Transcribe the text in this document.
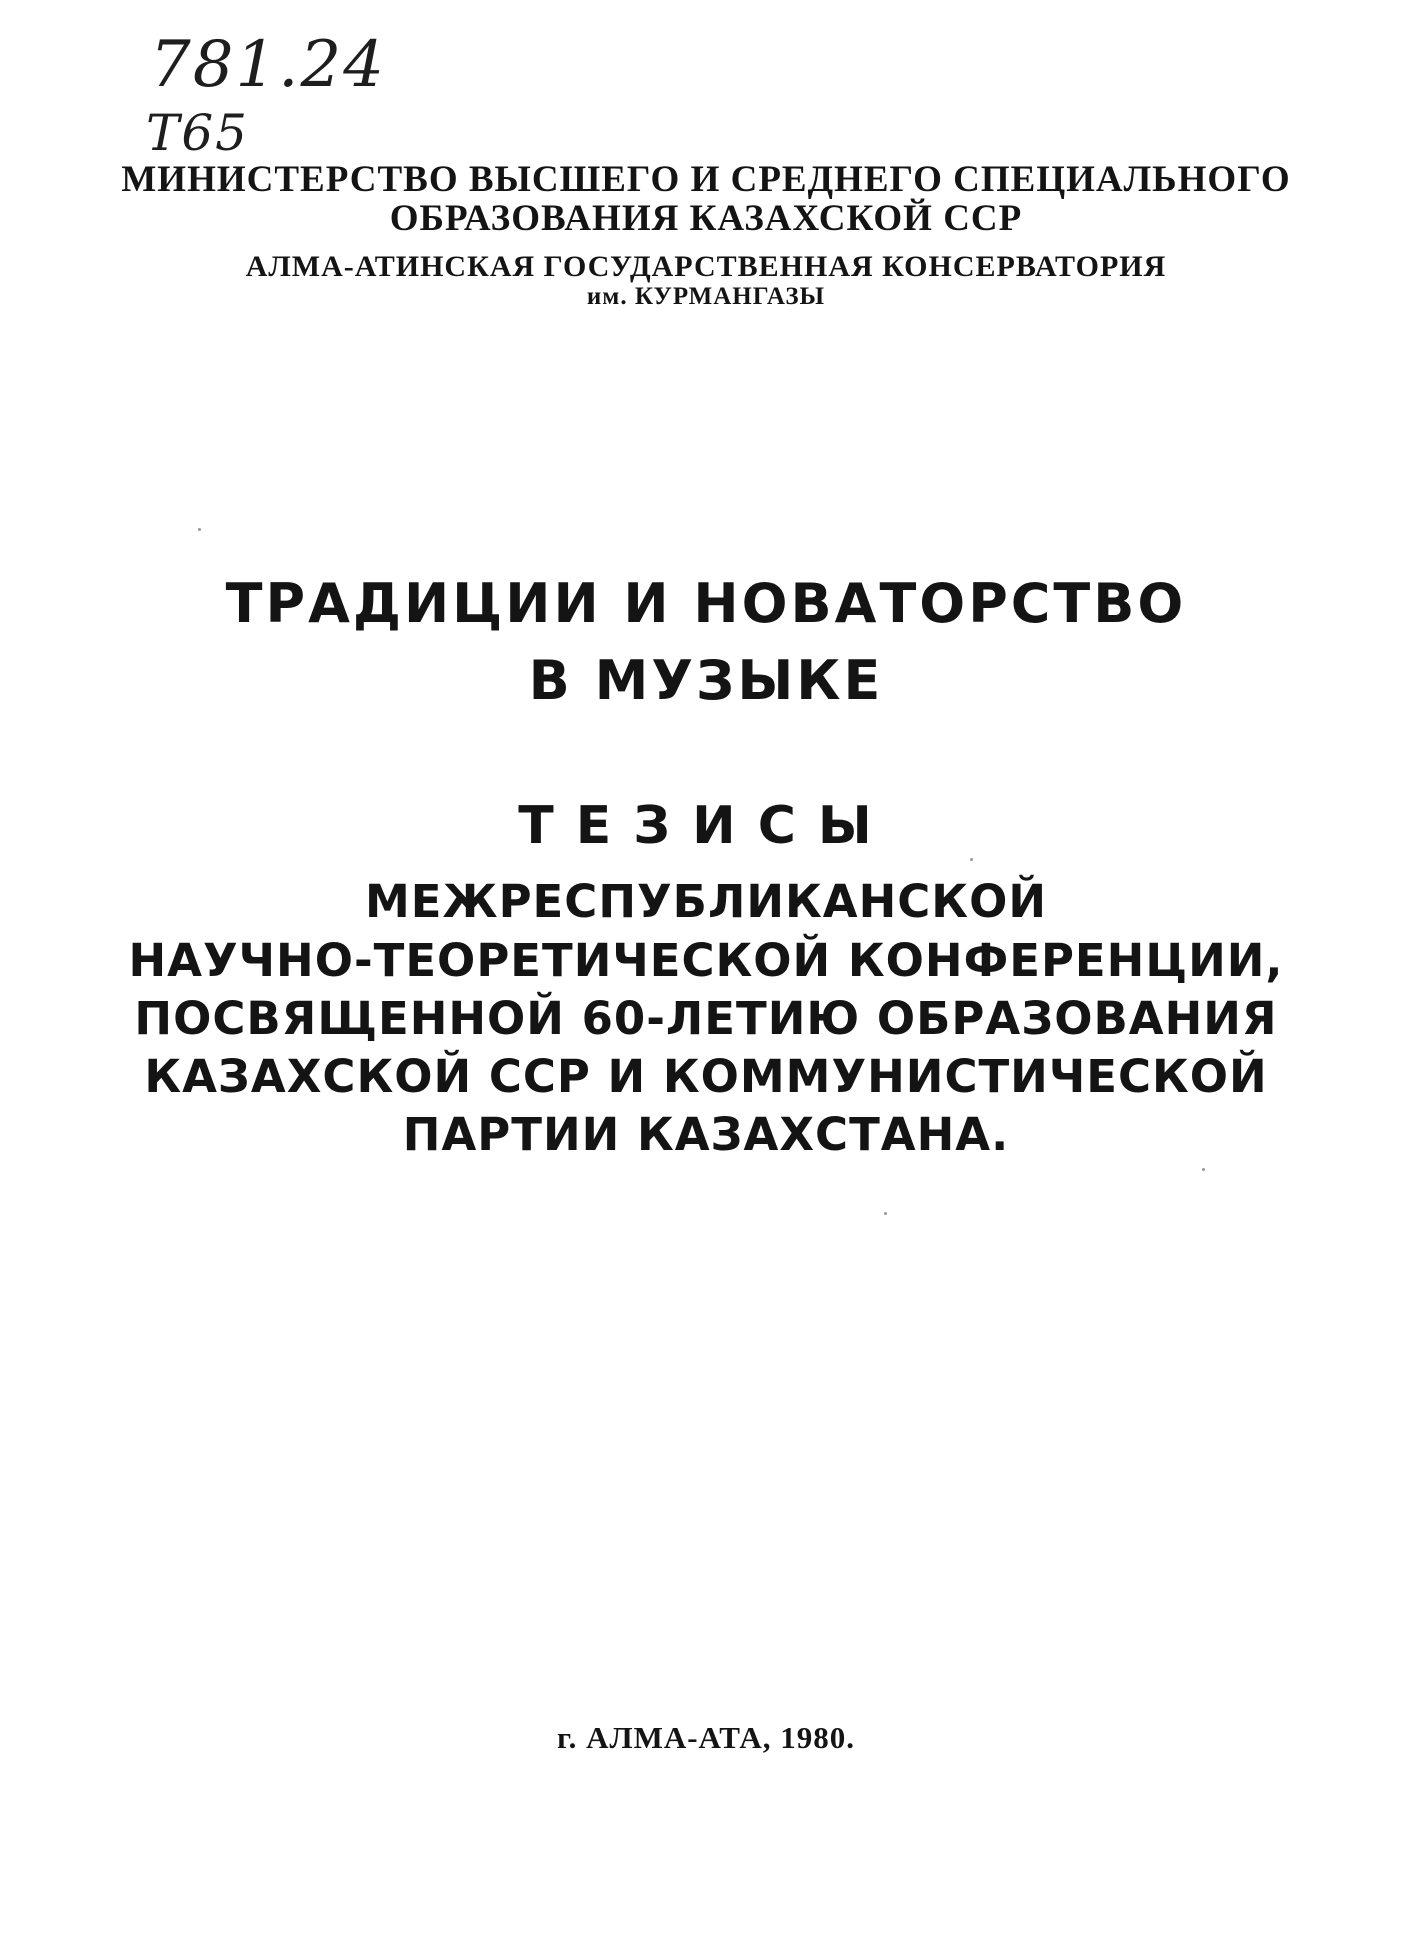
781.24
Т65
МИНИСТЕРСТВО ВЫСШЕГО И СРЕДНЕГО СПЕЦИАЛЬНОГО
ОБРАЗОВАНИЯ КАЗАХСКОЙ ССР
АЛМА-АТИНСКАЯ ГОСУДАРСТВЕННАЯ КОНСЕРВАТОРИЯ
им. КУРМАНГАЗЫ
ТРАДИЦИИ И НОВАТОРСТВО
В МУЗЫКЕ
ТЕЗИСЫ
МЕЖРЕСПУБЛИКАНСКОЙ
НАУЧНО-ТЕОРЕТИЧЕСКОЙ КОНФЕРЕНЦИИ,
ПОСВЯЩЕННОЙ 60-ЛЕТИЮ ОБРАЗОВАНИЯ
КАЗАХСКОЙ ССР И КОММУНИСТИЧЕСКОЙ
ПАРТИИ КАЗАХСТАНА.
г. АЛМА-АТА, 1980.
